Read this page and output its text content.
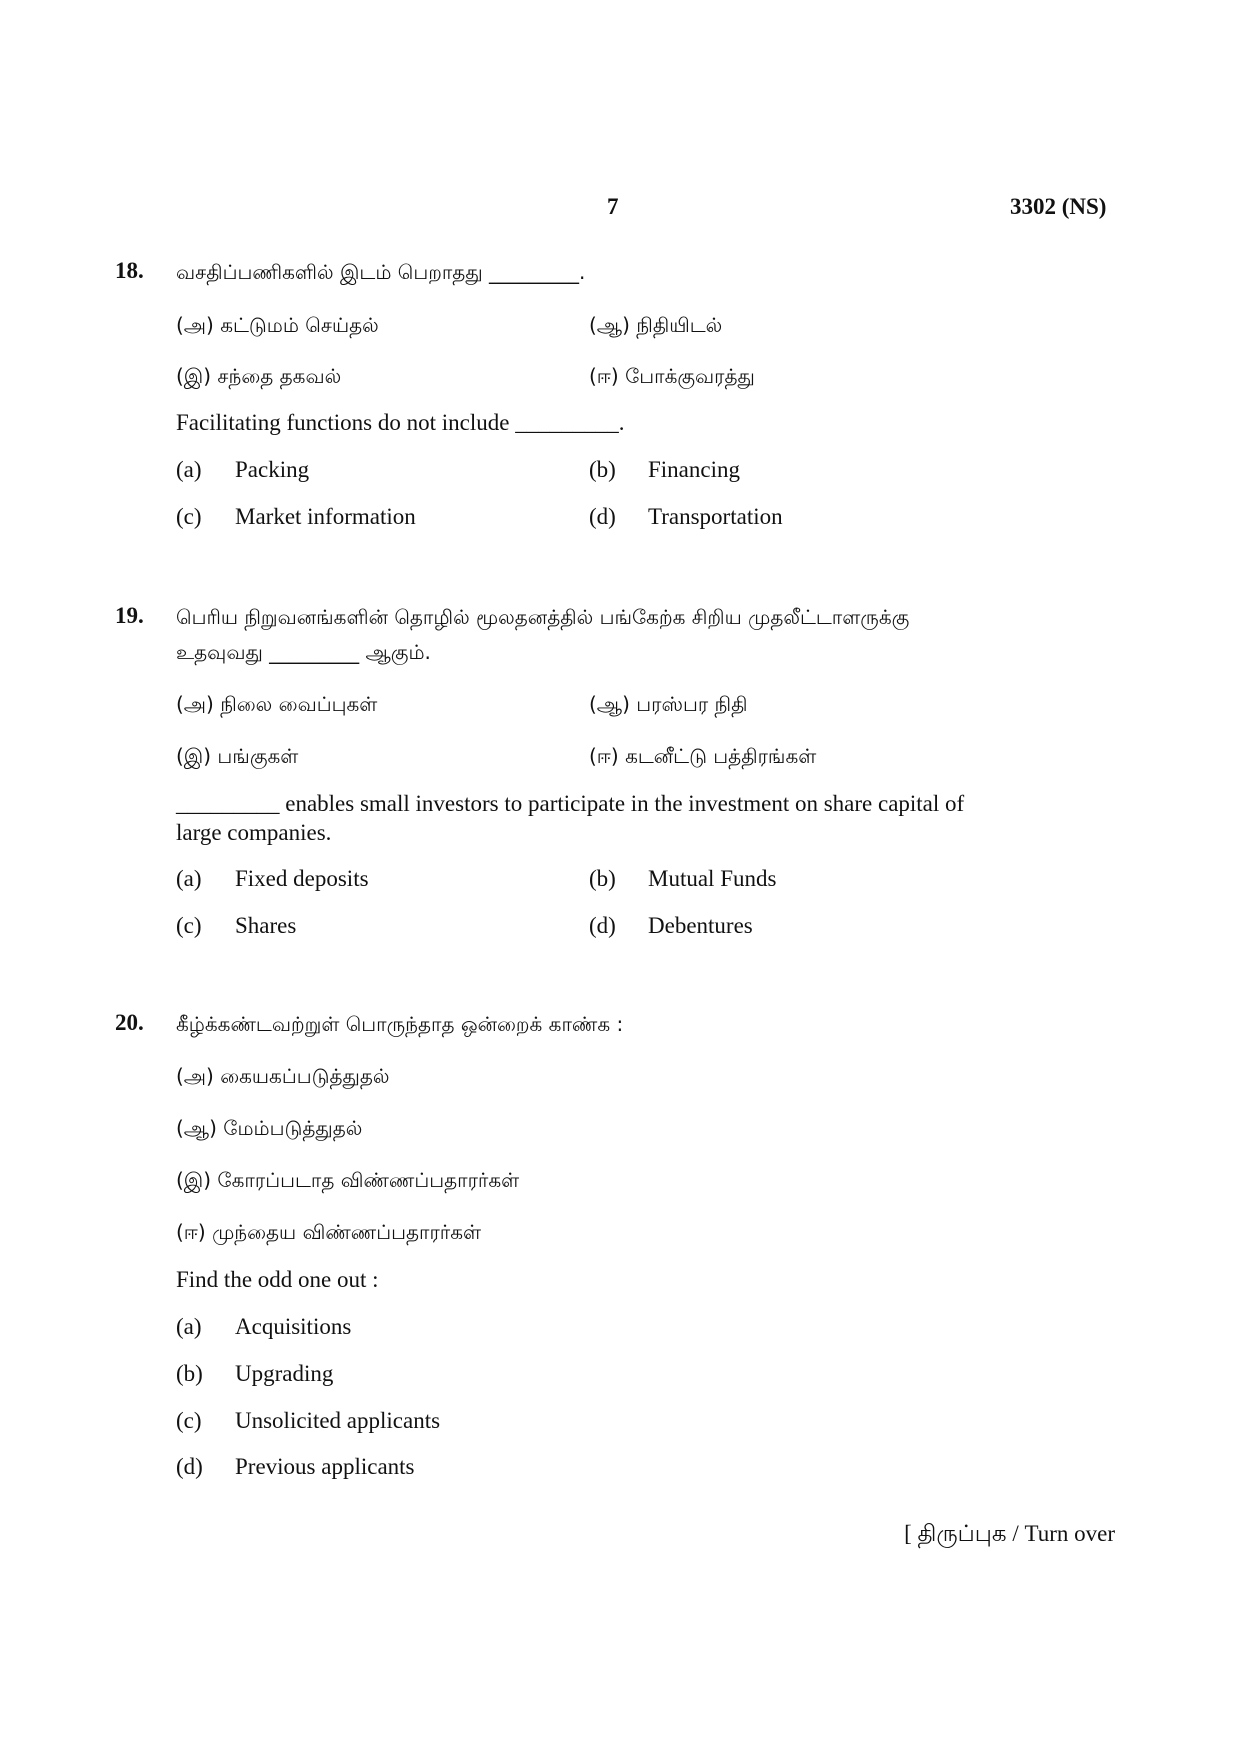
7	3302 (NS)
18. வசதிப்பணிகளில் இடம் பெறாதது _________.
(அ) கட்டுமம் செய்தல்	(ஆ) நிதியிடல்
(இ) சந்தை தகவல்	(ஈ) போக்குவரத்து
Facilitating functions do not include _________.
(a) Packing	(b) Financing
(c) Market information	(d) Transportation
19. பெரிய நிறுவனங்களின் தொழில் மூலதனத்தில் பங்கேற்க சிறிய முதலீட்டாளருக்கு
உதவுவது _________ ஆகும்.
(அ) நிலை வைப்புகள்	(ஆ) பரஸ்பர நிதி
(இ) பங்குகள்	(ஈ) கடனீட்டு பத்திரங்கள்
_________ enables small investors to participate in the investment on share capital of
large companies.
(a) Fixed deposits	(b) Mutual Funds
(c) Shares	(d) Debentures
20. கீழ்க்கண்டவற்றுள் பொருந்தாத ஒன்றைக் காண்க :
(அ) கையகப்படுத்துதல்
(ஆ) மேம்படுத்துதல்
(இ) கோரப்படாத விண்ணப்பதாரர்கள்
(ஈ) முந்தைய விண்ணப்பதாரர்கள்
Find the odd one out :
(a) Acquisitions
(b) Upgrading
(c) Unsolicited applicants
(d) Previous applicants
[ திருப்புக / Turn over
